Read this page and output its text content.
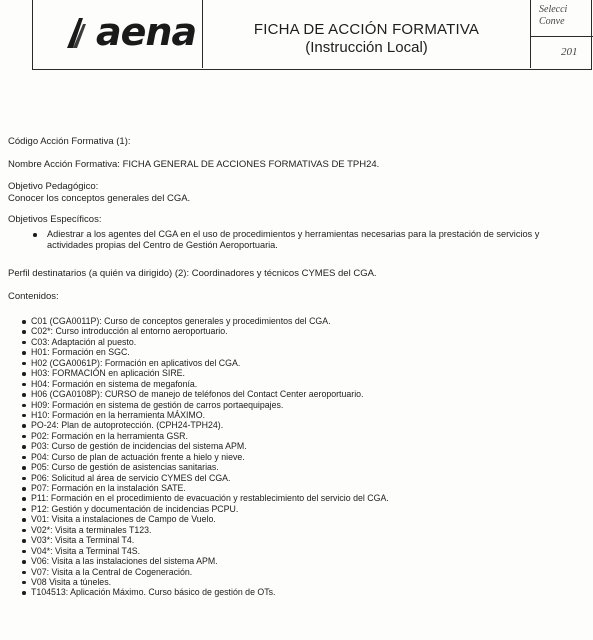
aena	FICHA DE ACCIÓN FORMATIVA
(Instrucción Local)
Selecci
Conve
201
Código Acción Formativa (1):
Nombre Acción Formativa: FICHA GENERAL DE ACCIONES FORMATIVAS DE TPH24.
Objetivo Pedagógico:
Conocer los conceptos generales del CGA.
Objetivos Específicos:
Adiestrar a los agentes del CGA en el uso de procedimientos y herramientas necesarias para la prestación de servicios y
actividades propias del Centro de Gestión Aeroportuaria.
Perfil destinatarios (a quién va dirigido) (2): Coordinadores y técnicos CYMES del CGA.
Contenidos:
C01 (CGA0011P): Curso de conceptos generales y procedimientos del CGA.
C02*: Curso introducción al entorno aeroportuario.
C03: Adaptación al puesto.
H01: Formación en SGC.
H02 (CGA0061P): Formación en aplicativos del CGA.
H03: FORMACIÓN en aplicación SIRE.
H04: Formación en sistema de megafonía.
H06 (CGA0108P): CURSO de manejo de teléfonos del Contact Center aeroportuario.
H09: Formación en sistema de gestión de carros portaequipajes.
H10: Formación en la herramienta MÁXIMO.
PO-24: Plan de autoprotección. (CPH24-TPH24).
P02: Formación en la herramienta GSR.
P03: Curso de gestión de incidencias del sistema APM.
P04: Curso de plan de actuación frente a hielo y nieve.
P05: Curso de gestión de asistencias sanitarias.
P06: Solicitud al área de servicio CYMES del CGA.
P07: Formación en la instalación SATE.
P11: Formación en el procedimiento de evacuación y restablecimiento del servicio del CGA.
P12: Gestión y documentación de incidencias PCPU.
V01: Visita a instalaciones de Campo de Vuelo.
V02*: Visita a terminales T123.
V03*: Visita a Terminal T4.
V04*: Visita a Terminal T4S.
V06: Visita a las instalaciones del sistema APM.
V07: Visita a la Central de Cogeneración.
V08 Visita a túneles.
T104513: Aplicación Máximo. Curso básico de gestión de OTs.
